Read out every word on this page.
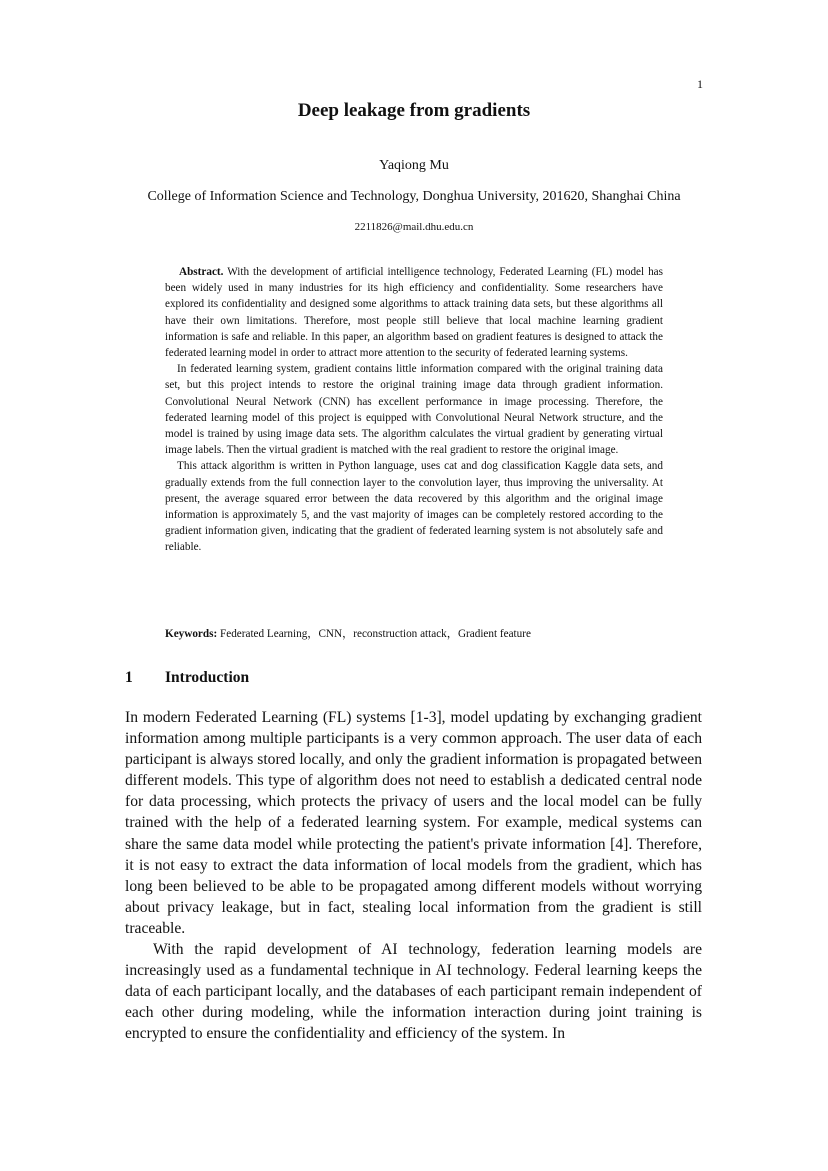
1
Deep leakage from gradients
Yaqiong Mu
College of Information Science and Technology, Donghua University, 201620, Shanghai China
2211826@mail.dhu.edu.cn

Abstract. With the development of artificial intelligence technology, Federated Learning (FL) model has been widely used in many industries for its high efficiency and confidentiality. Some researchers have explored its confidentiality and designed some algorithms to attack training data sets, but these algorithms all have their own limitations. Therefore, most people still believe that local machine learning gradient information is safe and reliable. In this paper, an algorithm based on gradient features is designed to attack the federated learning model in order to attract more attention to the security of federated learning systems.

In federated learning system, gradient contains little information compared with the original training data set, but this project intends to restore the original training image data through gradient information. Convolutional Neural Network (CNN) has excellent performance in image processing. Therefore, the federated learning model of this project is equipped with Convolutional Neural Network structure, and the model is trained by using image data sets. The algorithm calculates the virtual gradient by generating virtual image labels. Then the virtual gradient is matched with the real gradient to restore the original image.

This attack algorithm is written in Python language, uses cat and dog classification Kaggle data sets, and gradually extends from the full connection layer to the convolution layer, thus improving the universality. At present, the average squared error between the data recovered by this algorithm and the original image information is approximately 5, and the vast majority of images can be completely restored according to the gradient information given, indicating that the gradient of federated learning system is not absolutely safe and reliable.

Keywords: Federated Learning，CNN，reconstruction attack，Gradient feature
1 Introduction

In modern Federated Learning (FL) systems [1-3], model updating by exchanging gradient information among multiple participants is a very common approach. The user data of each participant is always stored locally, and only the gradient information is propagated between different models. This type of algorithm does not need to establish a dedicated central node for data processing, which protects the privacy of users and the local model can be fully trained with the help of a federated learning system. For example, medical systems can share the same data model while protecting the patient's private information [4]. Therefore, it is not easy to extract the data information of local models from the gradient, which has long been believed to be able to be propagated among different models without worrying about privacy leakage, but in fact, stealing local information from the gradient is still traceable.

With the rapid development of AI technology, federation learning models are increasingly used as a fundamental technique in AI technology. Federal learning keeps the data of each participant locally, and the databases of each participant remain independent of each other during modeling, while the information interaction during joint training is encrypted to ensure the confidentiality and efficiency of the system. In
